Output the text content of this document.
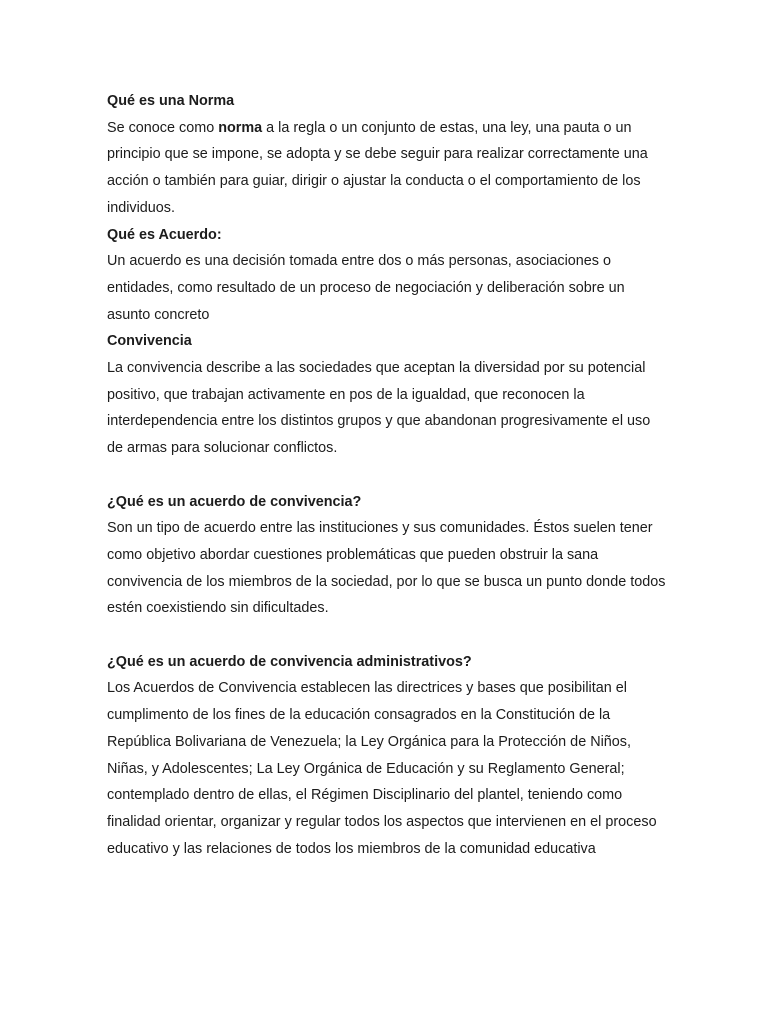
Qué es una Norma

Se conoce como norma a la regla o un conjunto de estas, una ley, una pauta o un principio que se impone, se adopta y se debe seguir para realizar correctamente una acción o también para guiar, dirigir o ajustar la conducta o el comportamiento de los individuos.

Qué es Acuerdo:

Un acuerdo es una decisión tomada entre dos o más personas, asociaciones o entidades, como resultado de un proceso de negociación y deliberación sobre un asunto concreto

Convivencia

La convivencia describe a las sociedades que aceptan la diversidad por su potencial positivo, que trabajan activamente en pos de la igualdad, que reconocen la interdependencia entre los distintos grupos y que abandonan progresivamente el uso de armas para solucionar conflictos.

¿Qué es un acuerdo de convivencia?

Son un tipo de acuerdo entre las instituciones y sus comunidades. Éstos suelen tener como objetivo abordar cuestiones problemáticas que pueden obstruir la sana convivencia de los miembros de la sociedad, por lo que se busca un punto donde todos estén coexistiendo sin dificultades.

¿Qué es un acuerdo de convivencia administrativos?

Los Acuerdos de Convivencia establecen las directrices y bases que posibilitan el cumplimento de los fines de la educación consagrados en la Constitución de la República Bolivariana de Venezuela; la Ley Orgánica para la Protección de Niños, Niñas, y Adolescentes; La Ley Orgánica de Educación y su Reglamento General; contemplado dentro de ellas, el Régimen Disciplinario del plantel, teniendo como finalidad orientar, organizar y regular todos los aspectos que intervienen en el proceso educativo y las relaciones de todos los miembros de la comunidad educativa
